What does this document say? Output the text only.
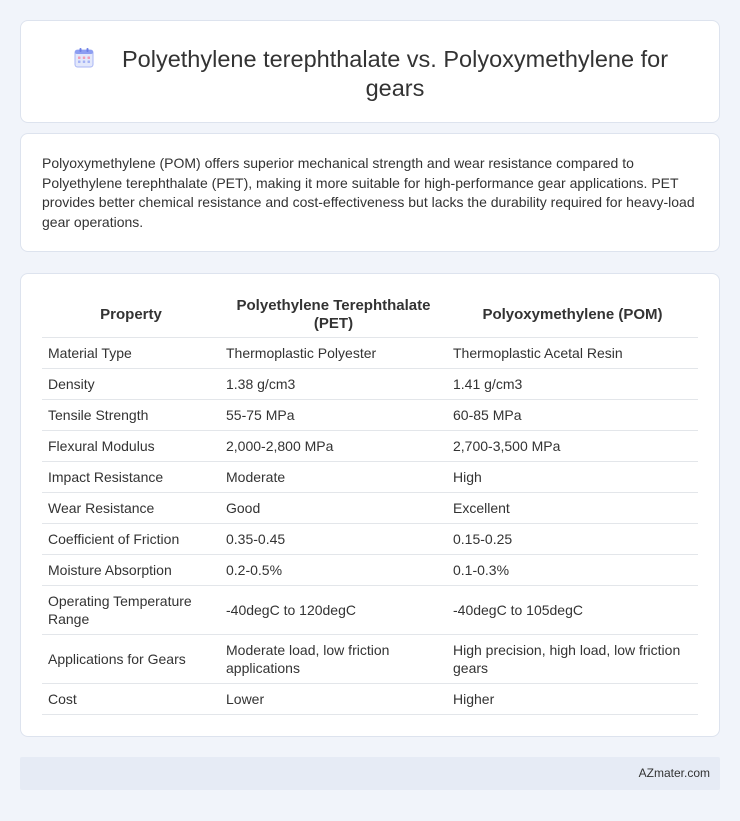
Polyethylene terephthalate vs. Polyoxymethylene for gears

Polyoxymethylene (POM) offers superior mechanical strength and wear resistance compared to Polyethylene terephthalate (PET), making it more suitable for high-performance gear applications. PET provides better chemical resistance and cost-effectiveness but lacks the durability required for heavy-load gear operations.

Property	Polyethylene Terephthalate (PET)	Polyoxymethylene (POM)
Material Type	Thermoplastic Polyester	Thermoplastic Acetal Resin
Density	1.38 g/cm3	1.41 g/cm3
Tensile Strength	55-75 MPa	60-85 MPa
Flexural Modulus	2,000-2,800 MPa	2,700-3,500 MPa
Impact Resistance	Moderate	High
Wear Resistance	Good	Excellent
Coefficient of Friction	0.35-0.45	0.15-0.25
Moisture Absorption	0.2-0.5%	0.1-0.3%
Operating Temperature Range	-40degC to 120degC	-40degC to 105degC
Applications for Gears	Moderate load, low friction applications	High precision, high load, low friction gears
Cost	Lower	Higher
AZmater.com
